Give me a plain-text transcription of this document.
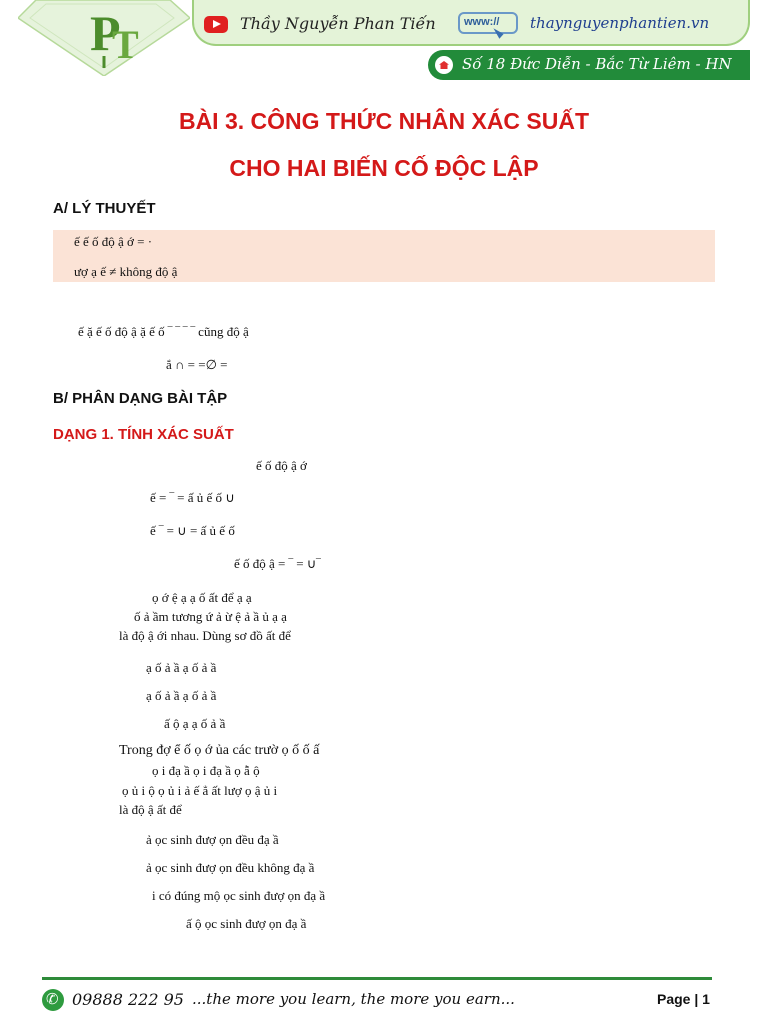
P
T	Thầy Nguyễn Phan Tiến	www://	thaynguyenphantien.vn
Số 18 Đức Diễn - Bắc Từ Liêm - HN
BÀI 3. CÔNG THỨC NHÂN XÁC SUẤT
CHO HAI BIẾN CỐ ĐỘC LẬP
A/ LÝ THUYẾT
ế ế ố độ ậ ớ = ·
ượ ạ ế ≠ không độ ậ
ế ặ ế ố độ ậ ặ ế ố ‾ ‾ ‾ ‾ cũng độ ậ
ắ ∩ = =∅ =
B/ PHÂN DẠNG BÀI TẬP
DẠNG 1. TÍNH XÁC SUẤT
ế ố độ ậ ớ
ế = ‾ = ấ ủ ế ố ∪
ế ‾ = ∪ = ấ ủ ế ố
ế ố độ ậ = ‾ = ∪‾
ọ ớ ệ ạ ạ ố ất để ạ ạ
ố ả ầm tương ứ ả ừ ệ ả ầ ủ ạ ạ
là độ ậ ới nhau. Dùng sơ đồ ất để
ạ ố ả ầ ạ ố ả ầ
ạ ố ả ầ ạ ố ả ầ
ấ ộ ạ ạ ố ả ầ
Trong đợ ể ố ọ ớ ủa các trườ ọ ố ố ấ
ọ i đạ ầ ọ i đạ ầ ọ ẫ ộ
ọ ủ i ộ ọ ủ i ả ế ẳ ất lượ ọ ậ ủ i
là độ ậ ất để
ả ọc sinh đượ ọn đều đạ ầ
ả ọc sinh đượ ọn đều không đạ ầ
i có đúng mộ ọc sinh đượ ọn đạ ầ
ấ ộ ọc sinh đượ ọn đạ ầ
✆
09888 222 95 ...the more you learn, the more you earn...	Page | 1
